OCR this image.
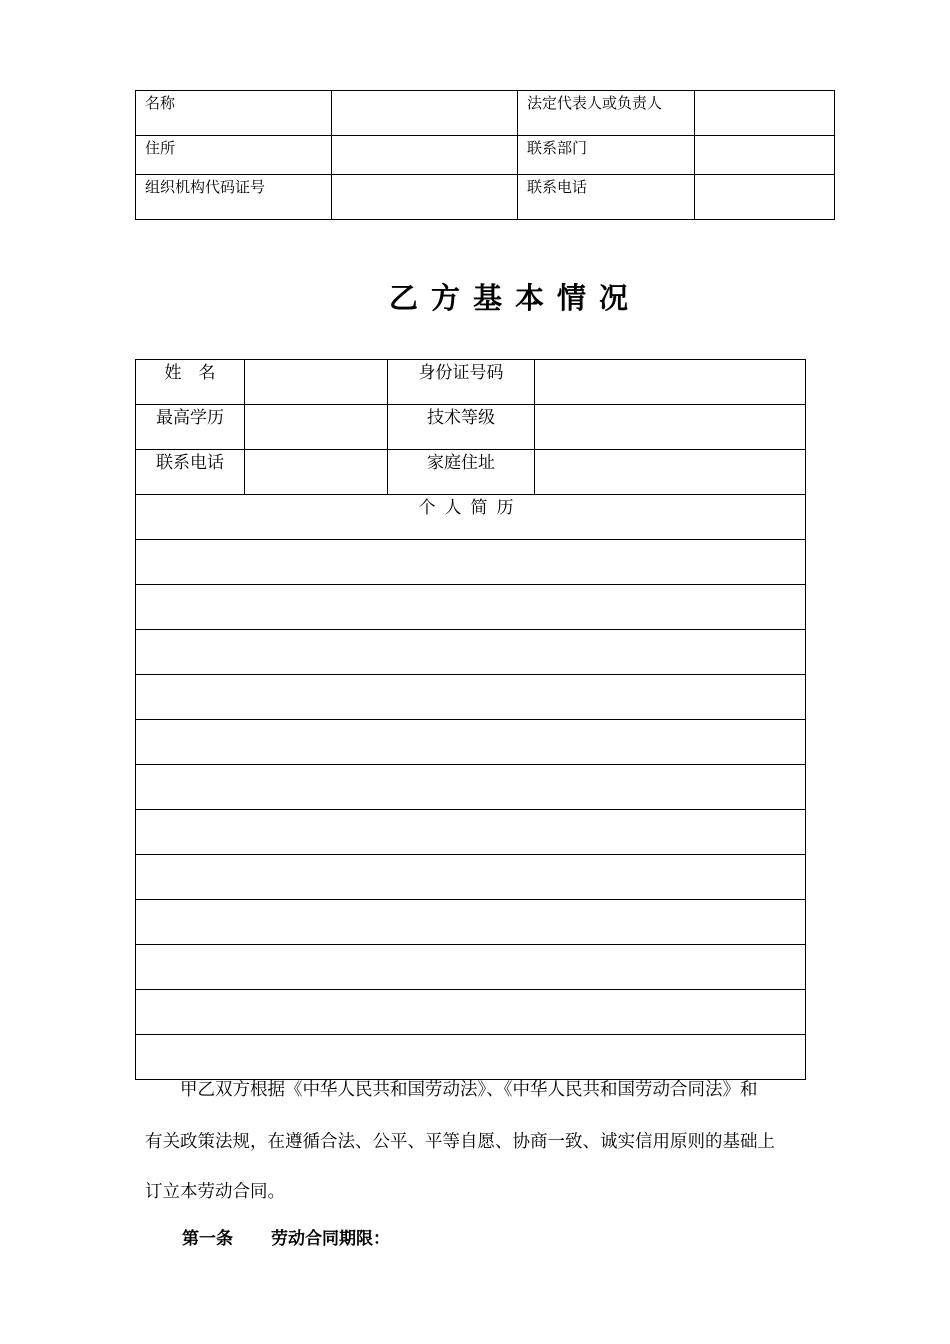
名称		法定代表人或负责人	
住所		联系部门	
组织机构代码证号		联系电话	
乙方基本情况
姓　名		身份证号码	
最高学历		技术等级	
联系电话		家庭住址	
个人简历			

甲乙双方根据《中华人民共和国劳动法》、《中华人民共和国劳动合同法》和

有关政策法规，在遵循合法、公平、平等自愿、协商一致、诚实信用原则的基础上

订立本劳动合同。

第一条 劳动合同期限：
